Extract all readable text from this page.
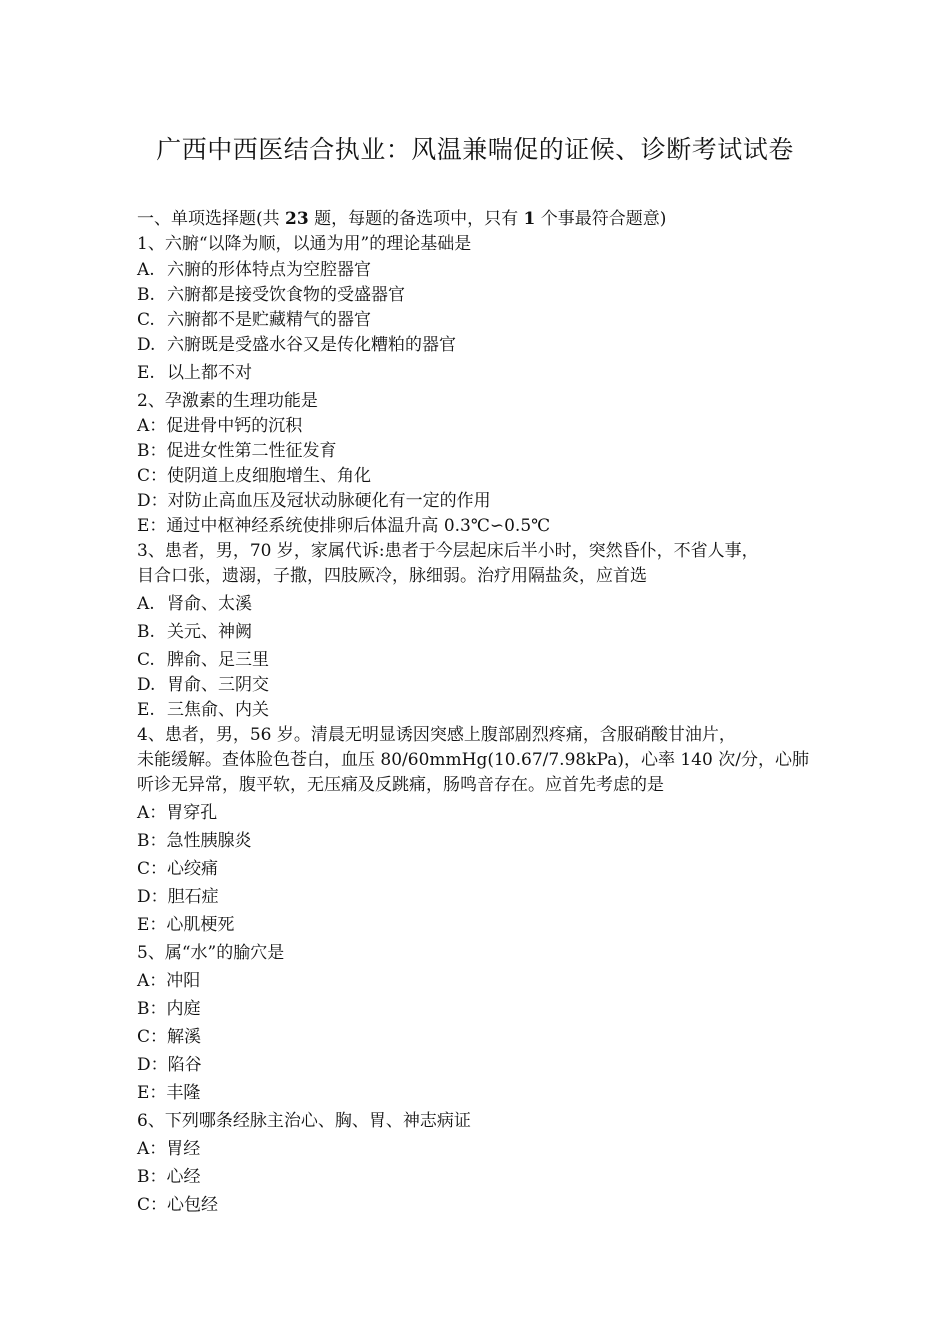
广西中西医结合执业：风温兼喘促的证候、诊断考试试卷
一、单项选择题(共 23 题，每题的备选项中，只有 1 个事最符合题意)
1、六腑“以降为顺，以通为用”的理论基础是
A. 六腑的形体特点为空腔器官
B. 六腑都是接受饮食物的受盛器官
C. 六腑都不是贮藏精气的器官
D. 六腑既是受盛水谷又是传化糟粕的器官
E. 以上都不对
2、孕激素的生理功能是
A：促进骨中钙的沉积
B：促进女性第二性征发育
C：使阴道上皮细胞增生、角化
D：对防止高血压及冠状动脉硬化有一定的作用
E：通过中枢神经系统使排卵后体温升高 0.3℃∽0.5℃
3、患者，男，70 岁，家属代诉:患者于今层起床后半小时，突然昏仆，不省人事，
目合口张，遗溺，子撒，四肢厥冷，脉细弱。治疗用隔盐灸，应首选
A. 肾俞、太溪
B. 关元、神阙
C. 脾俞、足三里
D. 胃俞、三阴交
E. 三焦俞、内关
4、患者，男，56 岁。清晨无明显诱因突感上腹部剧烈疼痛，含服硝酸甘油片，
未能缓解。查体脸色苍白，血压 80/60mmHg(10.67/7.98kPa)，心率 140 次/分，心肺
听诊无异常，腹平软，无压痛及反跳痛，肠鸣音存在。应首先考虑的是
A：胃穿孔
B：急性胰腺炎
C：心绞痛
D：胆石症
E：心肌梗死
5、属“水”的腧穴是
A：冲阳
B：内庭
C：解溪
D：陷谷
E：丰隆
6、下列哪条经脉主治心、胸、胃、神志病证
A：胃经
B：心经
C：心包经
